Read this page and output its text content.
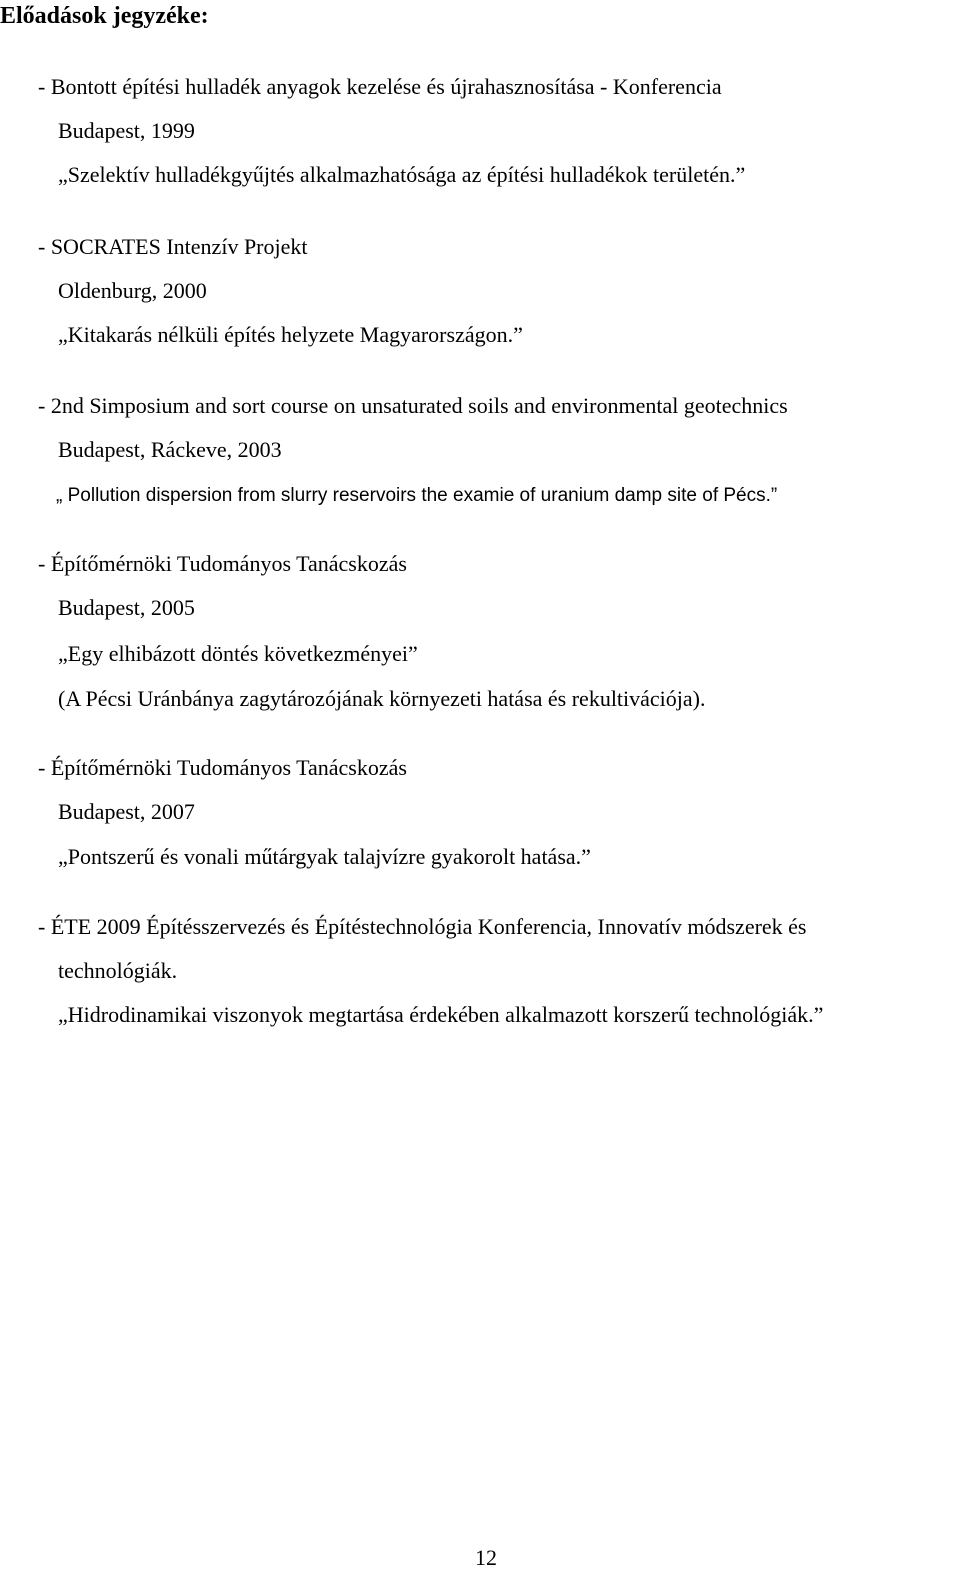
Előadások jegyzéke:

- Bontott építési hulladék anyagok kezelése és újrahasznosítása - Konferencia

Budapest, 1999

„Szelektív hulladékgyűjtés alkalmazhatósága az építési hulladékok területén.”

- SOCRATES Intenzív Projekt

Oldenburg, 2000

„Kitakarás nélküli építés helyzete Magyarországon.”

- 2nd Simposium and sort course on unsaturated soils and environmental geotechnics

Budapest, Ráckeve, 2003

„ Pollution dispersion from slurry reservoirs the examie of uranium damp site of Pécs.”

- Építőmérnöki Tudományos Tanácskozás

Budapest, 2005

„Egy elhibázott döntés következményei”

(A Pécsi Uránbánya zagytározójának környezeti hatása és rekultivációja).

- Építőmérnöki Tudományos Tanácskozás

Budapest, 2007

„Pontszerű és vonali műtárgyak talajvízre gyakorolt hatása.”

- ÉTE 2009 Építésszervezés és Építéstechnológia Konferencia, Innovatív módszerek és

technológiák.

„Hidrodinamikai viszonyok megtartása érdekében alkalmazott korszerű technológiák.”

12
